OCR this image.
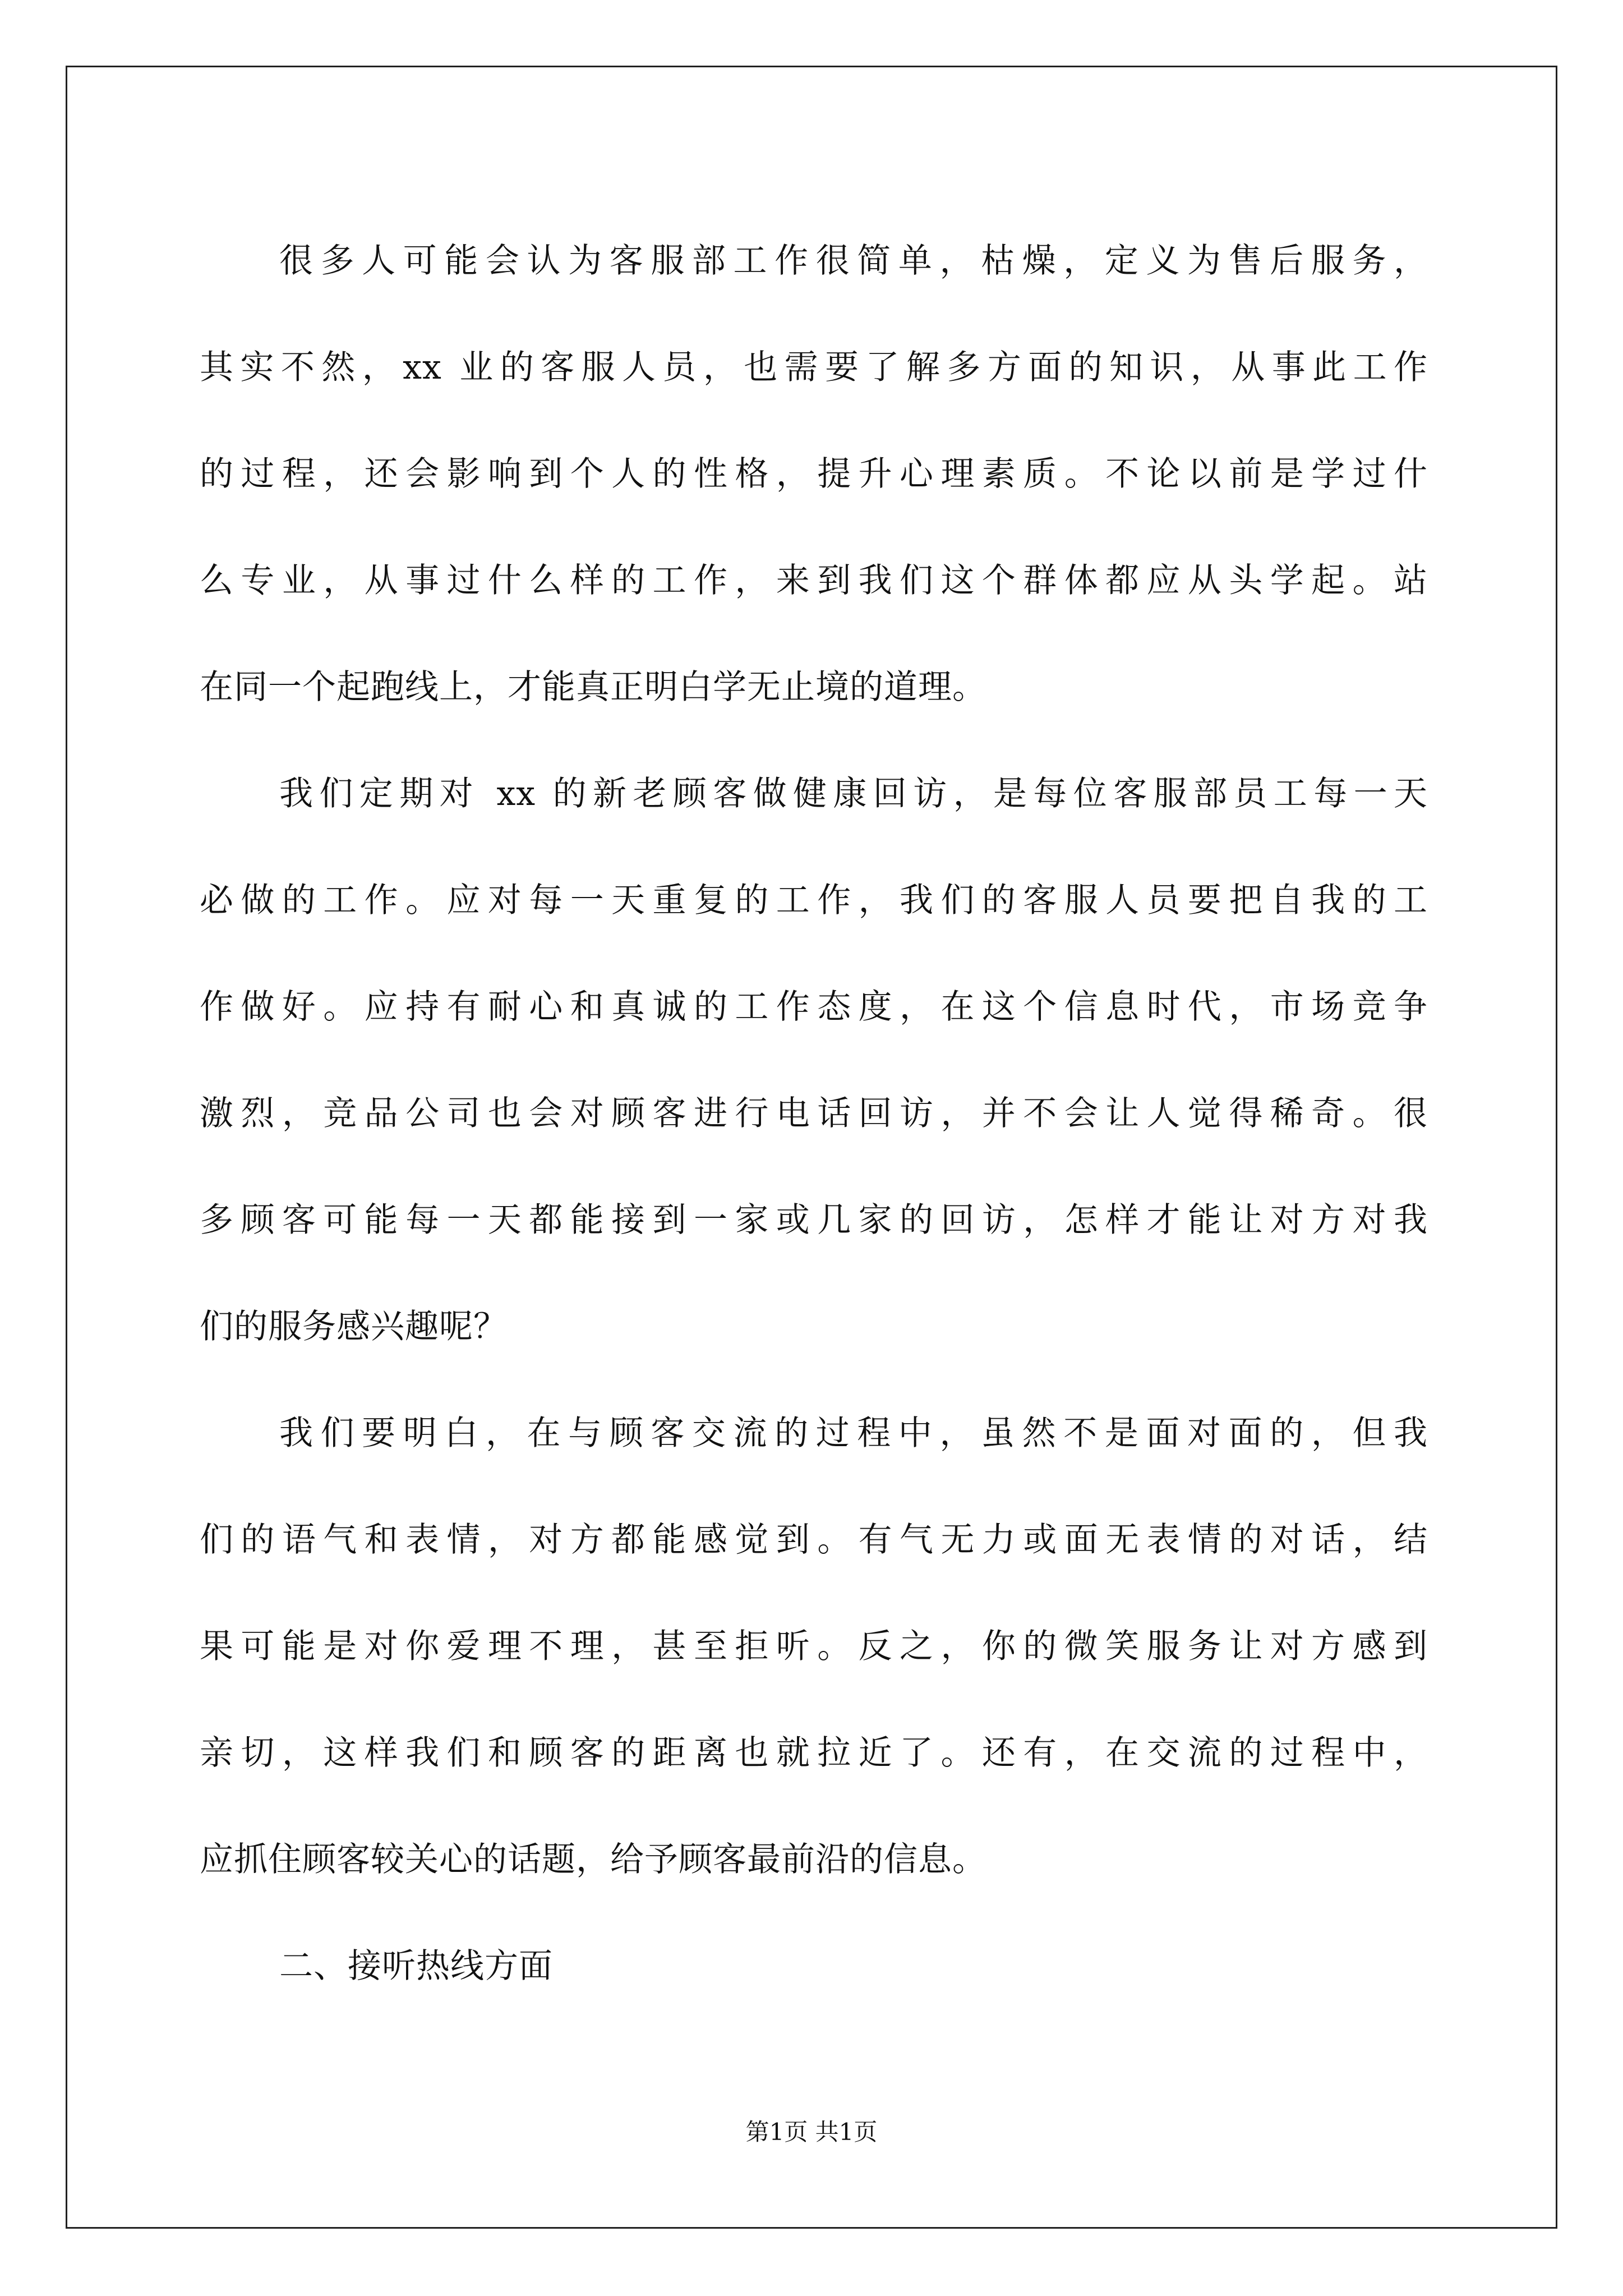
很多人可能会认为客服部工作很简单，枯燥，定义为售后服务，
其实不然，xx 业的客服人员，也需要了解多方面的知识，从事此工作
的过程，还会影响到个人的性格，提升心理素质。不论以前是学过什
么专业，从事过什么样的工作，来到我们这个群体都应从头学起。站
在同一个起跑线上，才能真正明白学无止境的道理。
我们定期对 xx 的新老顾客做健康回访，是每位客服部员工每一天
必做的工作。应对每一天重复的工作，我们的客服人员要把自我的工
作做好。应持有耐心和真诚的工作态度，在这个信息时代，市场竞争
激烈，竞品公司也会对顾客进行电话回访，并不会让人觉得稀奇。很
多顾客可能每一天都能接到一家或几家的回访，怎样才能让对方对我
们的服务感兴趣呢？
我们要明白，在与顾客交流的过程中，虽然不是面对面的，但我
们的语气和表情，对方都能感觉到。有气无力或面无表情的对话，结
果可能是对你爱理不理，甚至拒听。反之，你的微笑服务让对方感到
亲切，这样我们和顾客的距离也就拉近了。还有，在交流的过程中，
应抓住顾客较关心的话题，给予顾客最前沿的信息。

二、接听热线方面

第1页 共1页
